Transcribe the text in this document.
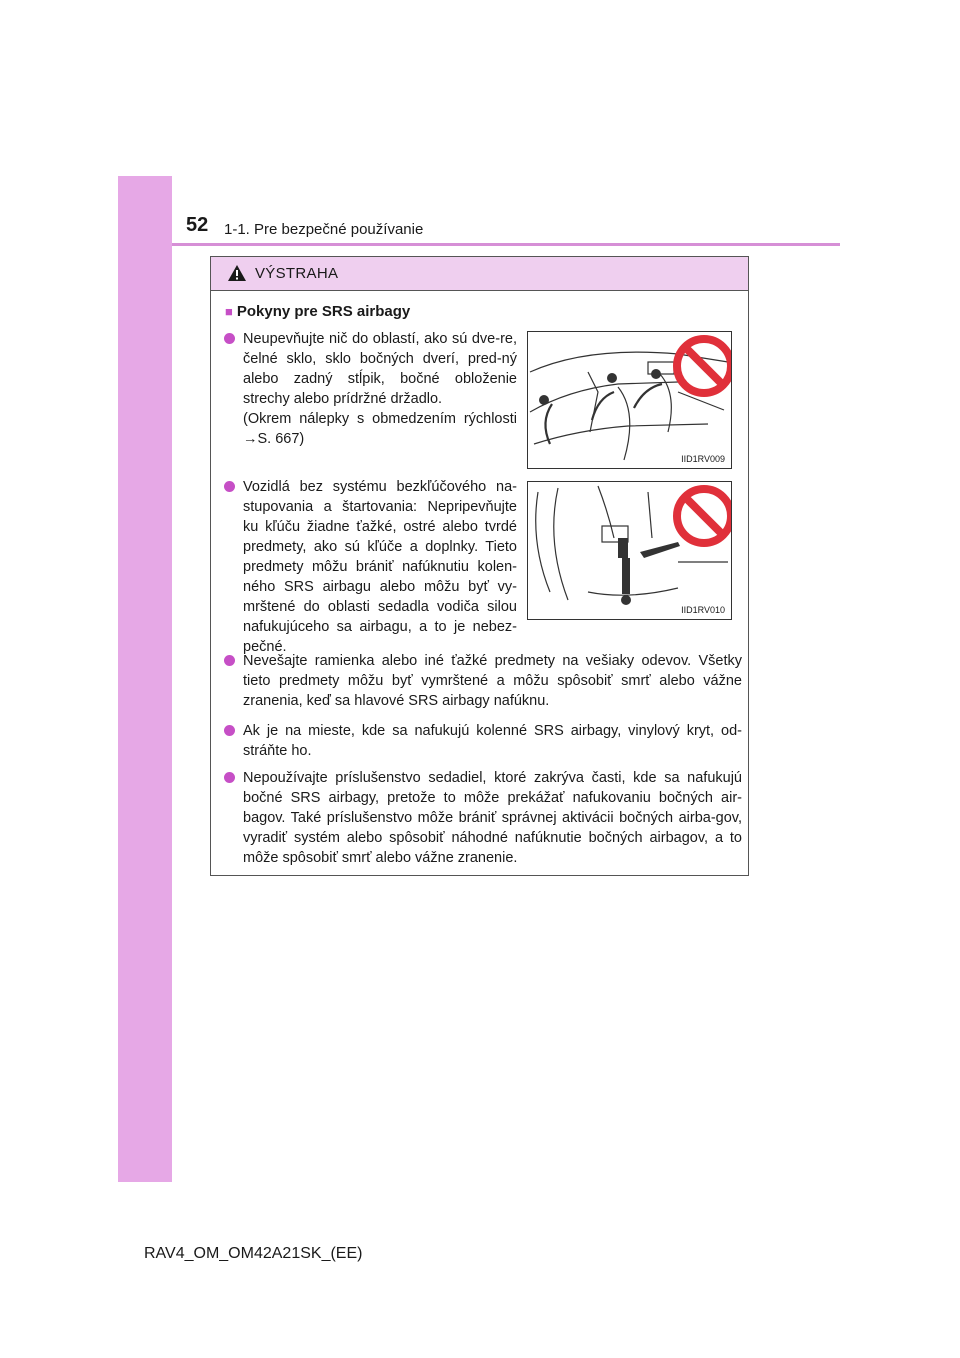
52 1-1. Pre bezpečné používanie
VÝSTRAHA
■ Pokyny pre SRS airbagy

Neupevňujte nič do oblastí, ako sú dve-re, čelné sklo, sklo bočných dverí, pred-ný alebo zadný stĺpik, bočné obloženie strechy alebo prídržné držadlo.

(Okrem nálepky s obmedzením rýchlosti →S. 667)

IID1RV009

Vozidlá bez systému bezkľúčového na-stupovania a štartovania: Nepripevňujte ku kľúču žiadne ťažké, ostré alebo tvrdé predmety, ako sú kľúče a doplnky. Tieto predmety môžu brániť nafúknutiu kolen-ného SRS airbagu alebo môžu byť vy-mrštené do oblasti sedadla vodiča silou nafukujúceho sa airbagu, a to je nebez-pečné.

IID1RV010

Nevešajte ramienka alebo iné ťažké predmety na vešiaky odevov. Všetky tieto predmety môžu byť vymrštené a môžu spôsobiť smrť alebo vážne zranenia, keď sa hlavové SRS airbagy nafúknu.

Ak je na mieste, kde sa nafukujú kolenné SRS airbagy, vinylový kryt, od-stráňte ho.

Nepoužívajte príslušenstvo sedadiel, ktoré zakrýva časti, kde sa nafukujú bočné SRS airbagy, pretože to môže prekážať nafukovaniu bočných air-bagov. Také príslušenstvo môže brániť správnej aktivácii bočných airba-gov, vyradiť systém alebo spôsobiť náhodné nafúknutie bočných airbagov, a to môže spôsobiť smrť alebo vážne zranenie.

RAV4_OM_OM42A21SK_(EE)
